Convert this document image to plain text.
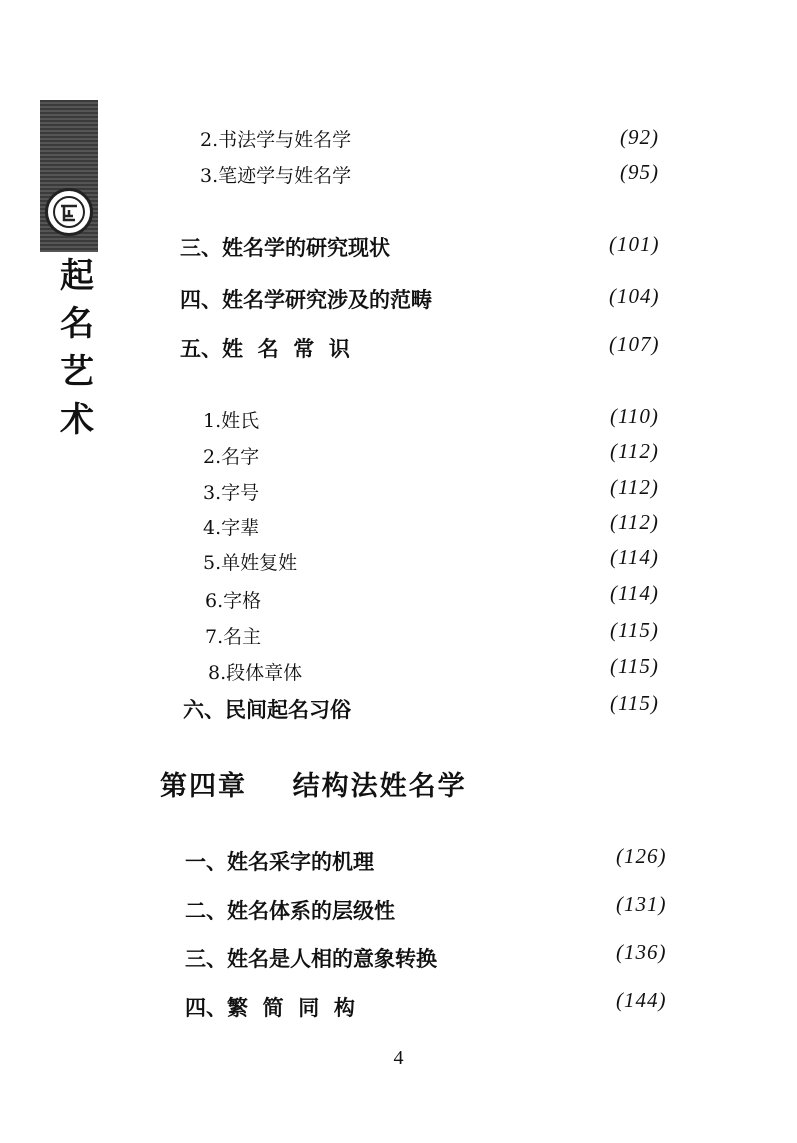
起名艺术
2.书法学与姓名学	(92)
3.笔迹学与姓名学	(95)
三、姓名学的研究现状	(101)
四、姓名学研究涉及的范畴	(104)
五、姓  名  常  识	(107)
1.姓氏	(110)
2.名字	(112)
3.字号	(112)
4.字辈	(112)
5.单姓复姓	(114)
6.字格	(114)
7.名主	(115)
8.段体章体	(115)
六、民间起名习俗	(115)
第四章    结构法姓名学
一、姓名采字的机理	(126)
二、姓名体系的层级性	(131)
三、姓名是人相的意象转换	(136)
四、繁  简  同  构	(144)
4
